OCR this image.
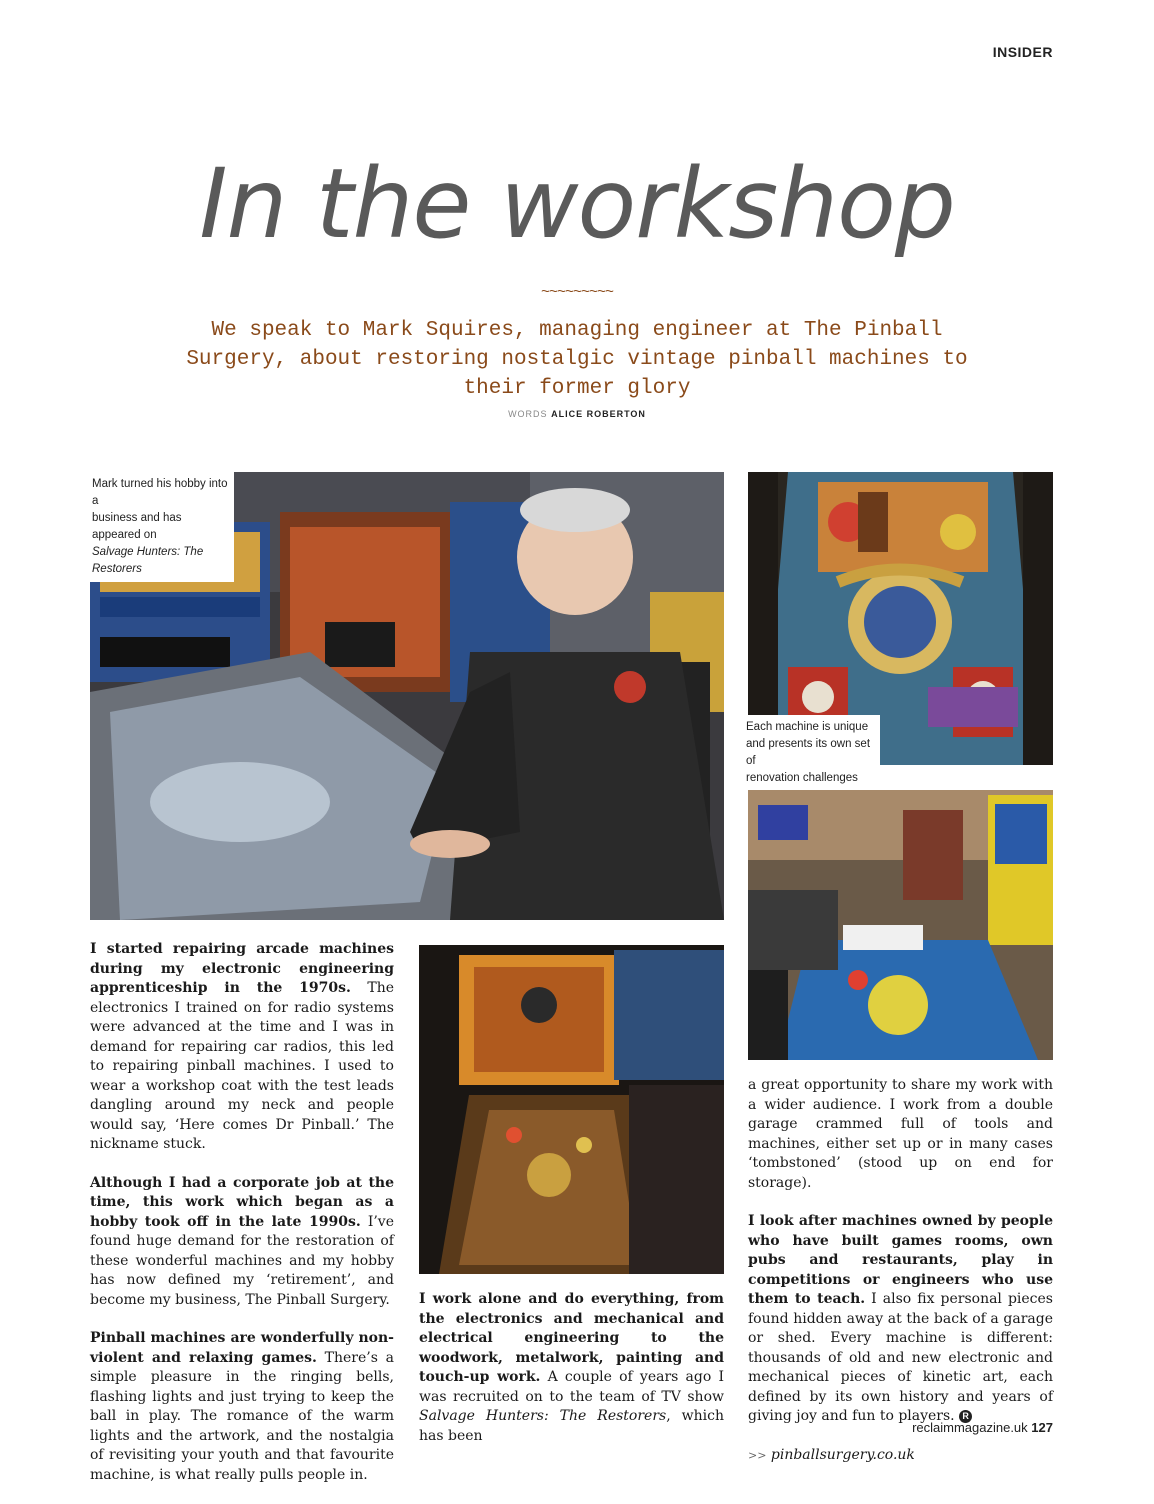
INSIDER
In the workshop
~~~~~~~~~
We speak to Mark Squires, managing engineer at The Pinball Surgery, about restoring nostalgic vintage pinball machines to their former glory
WORDS ALICE ROBERTON
Mark turned his hobby into a
business and has appeared on
Salvage Hunters: The Restorers
Each machine is unique
and presents its own set of
renovation challenges

I started repairing arcade machines during my electronic engineering apprenticeship in the 1970s. The electronics I trained on for radio systems were advanced at the time and I was in demand for repairing car radios, this led to repairing pinball machines. I used to wear a workshop coat with the test leads dangling around my neck and people would say, ‘Here comes Dr Pinball.’ The nickname stuck.

Although I had a corporate job at the time, this work which began as a hobby took off in the late 1990s. I’ve found huge demand for the restoration of these wonderful machines and my hobby has now defined my ‘retirement’, and become my business, The Pinball Surgery.

Pinball machines are wonderfully non-violent and relaxing games. There’s a simple pleasure in the ringing bells, flashing lights and just trying to keep the ball in play. The romance of the warm lights and the artwork, and the nostalgia of revisiting your youth and that favourite machine, is what really pulls people in.

I work alone and do everything, from the electronics and mechanical and electrical engineering to the woodwork, metalwork, painting and touch-up work. A couple of years ago I was recruited on to the team of TV show Salvage Hunters: The Restorers, which has been

a great opportunity to share my work with a wider audience. I work from a double garage crammed full of tools and machines, either set up or in many cases ‘tombstoned’ (stood up on end for storage).

I look after machines owned by people who have built games rooms, own pubs and restaurants, play in competitions or engineers who use them to teach. I also fix personal pieces found hidden away at the back of a garage or shed. Every machine is different: thousands of old and new electronic and mechanical pieces of kinetic art, each defined by its own history and years of giving joy and fun to players. R

>> pinballsurgery.co.uk

reclaimmagazine.uk 127
